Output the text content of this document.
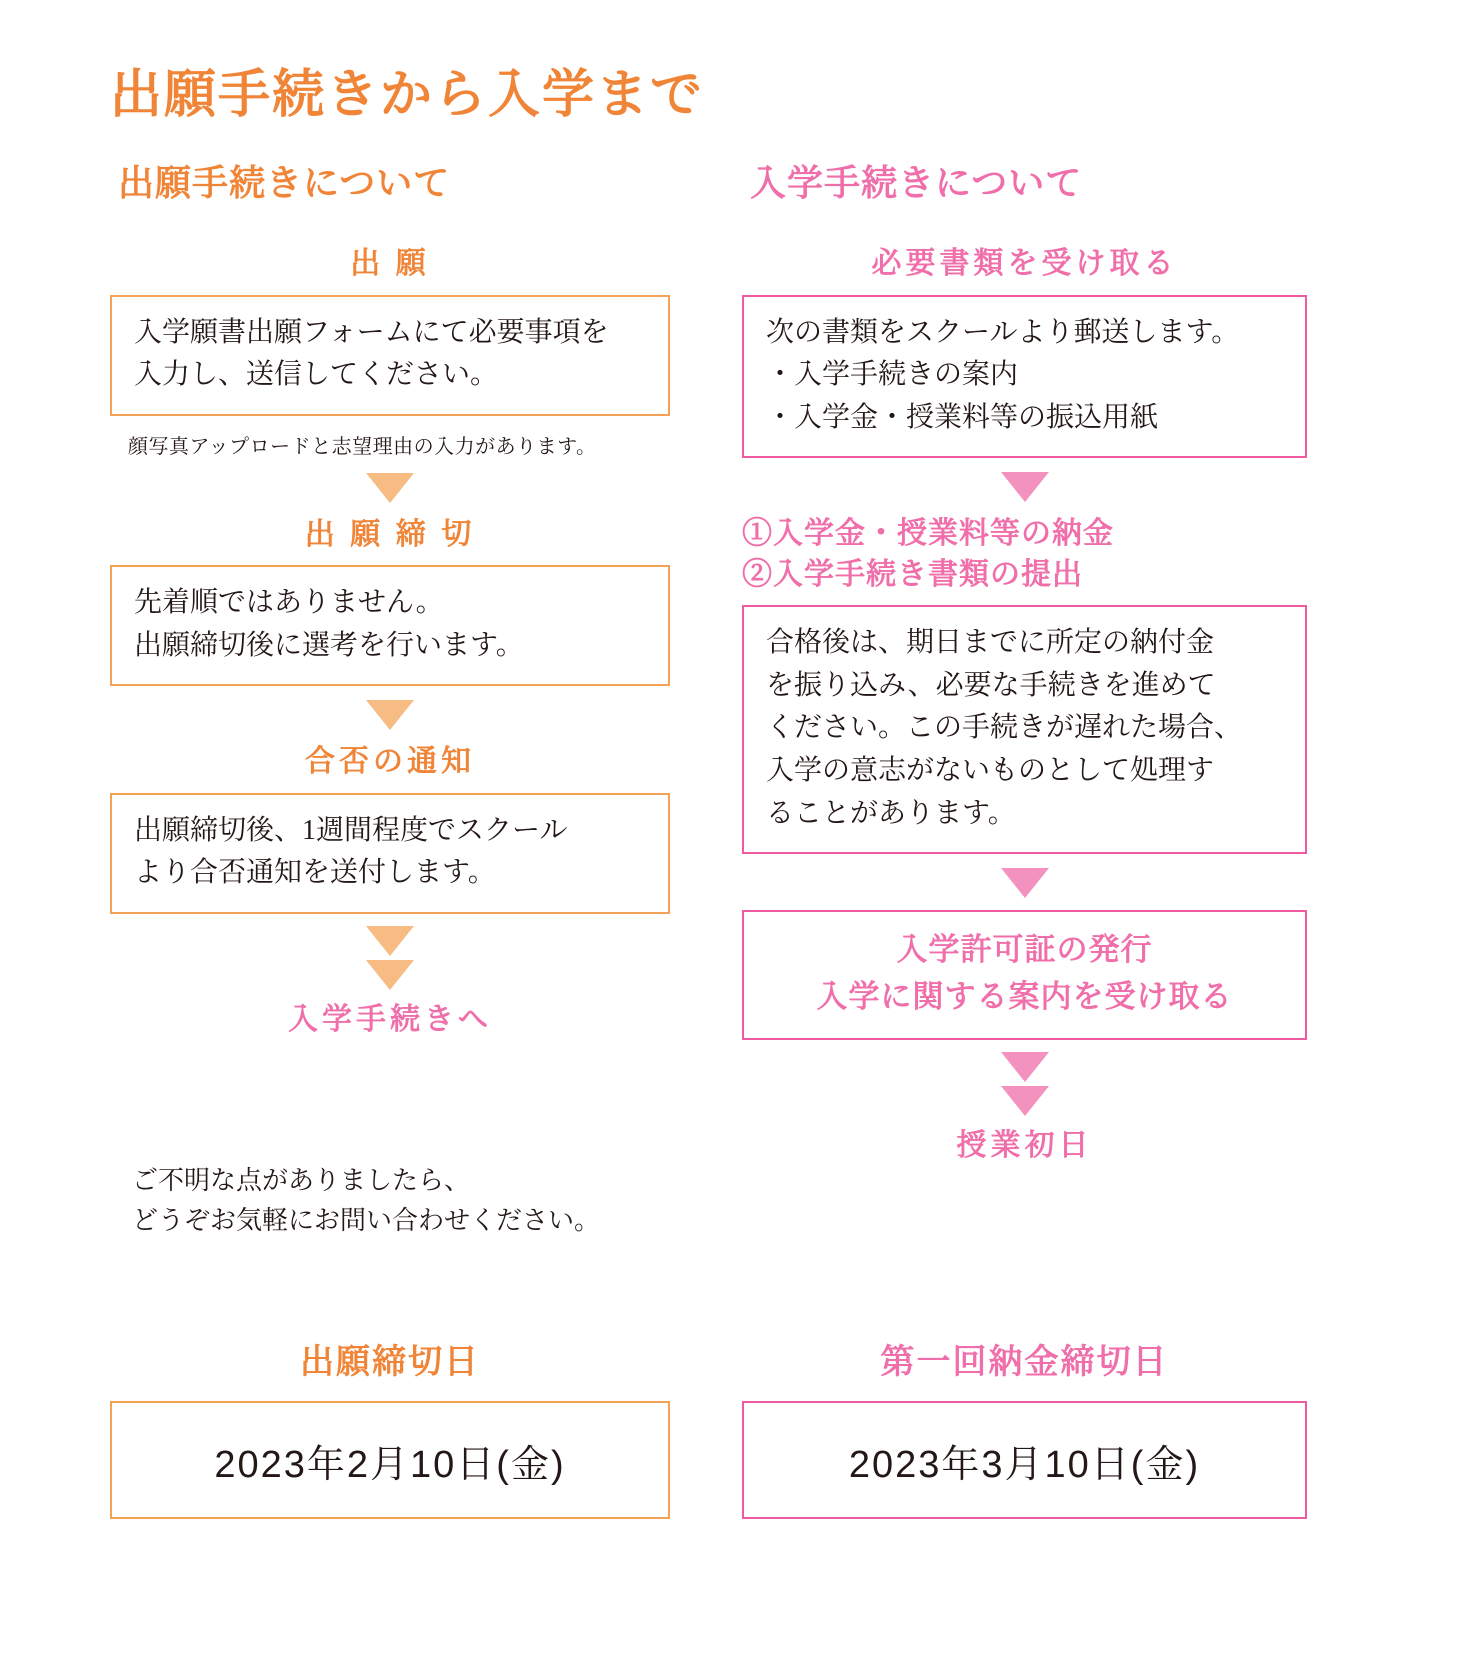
出願手続きから入学まで
出願手続きについて
出 願

入学願書出願フォームにて必要事項を

入力し、送信してください。

顔写真アップロードと志望理由の入力があります。
出 願 締 切

先着順ではありません。

出願締切後に選考を行います。

合否の通知

出願締切後、1週間程度でスクール

より合否通知を送付します。

入学手続きへ
ご不明な点がありましたら、
どうぞお気軽にお問い合わせください。
入学手続きについて
必要書類を受け取る

次の書類をスクールより郵送します。

・入学手続きの案内

・入学金・授業料等の振込用紙

①入学金・授業料等の納金
②入学手続き書類の提出

合格後は、期日までに所定の納付金

を振り込み、必要な手続きを進めて

ください。この手続きが遅れた場合、

入学の意志がないものとして処理す

ることがあります。

入学許可証の発行

入学に関する案内を受け取る

授業初日
出願締切日
2023年2月10日(金)
第一回納金締切日
2023年3月10日(金)
